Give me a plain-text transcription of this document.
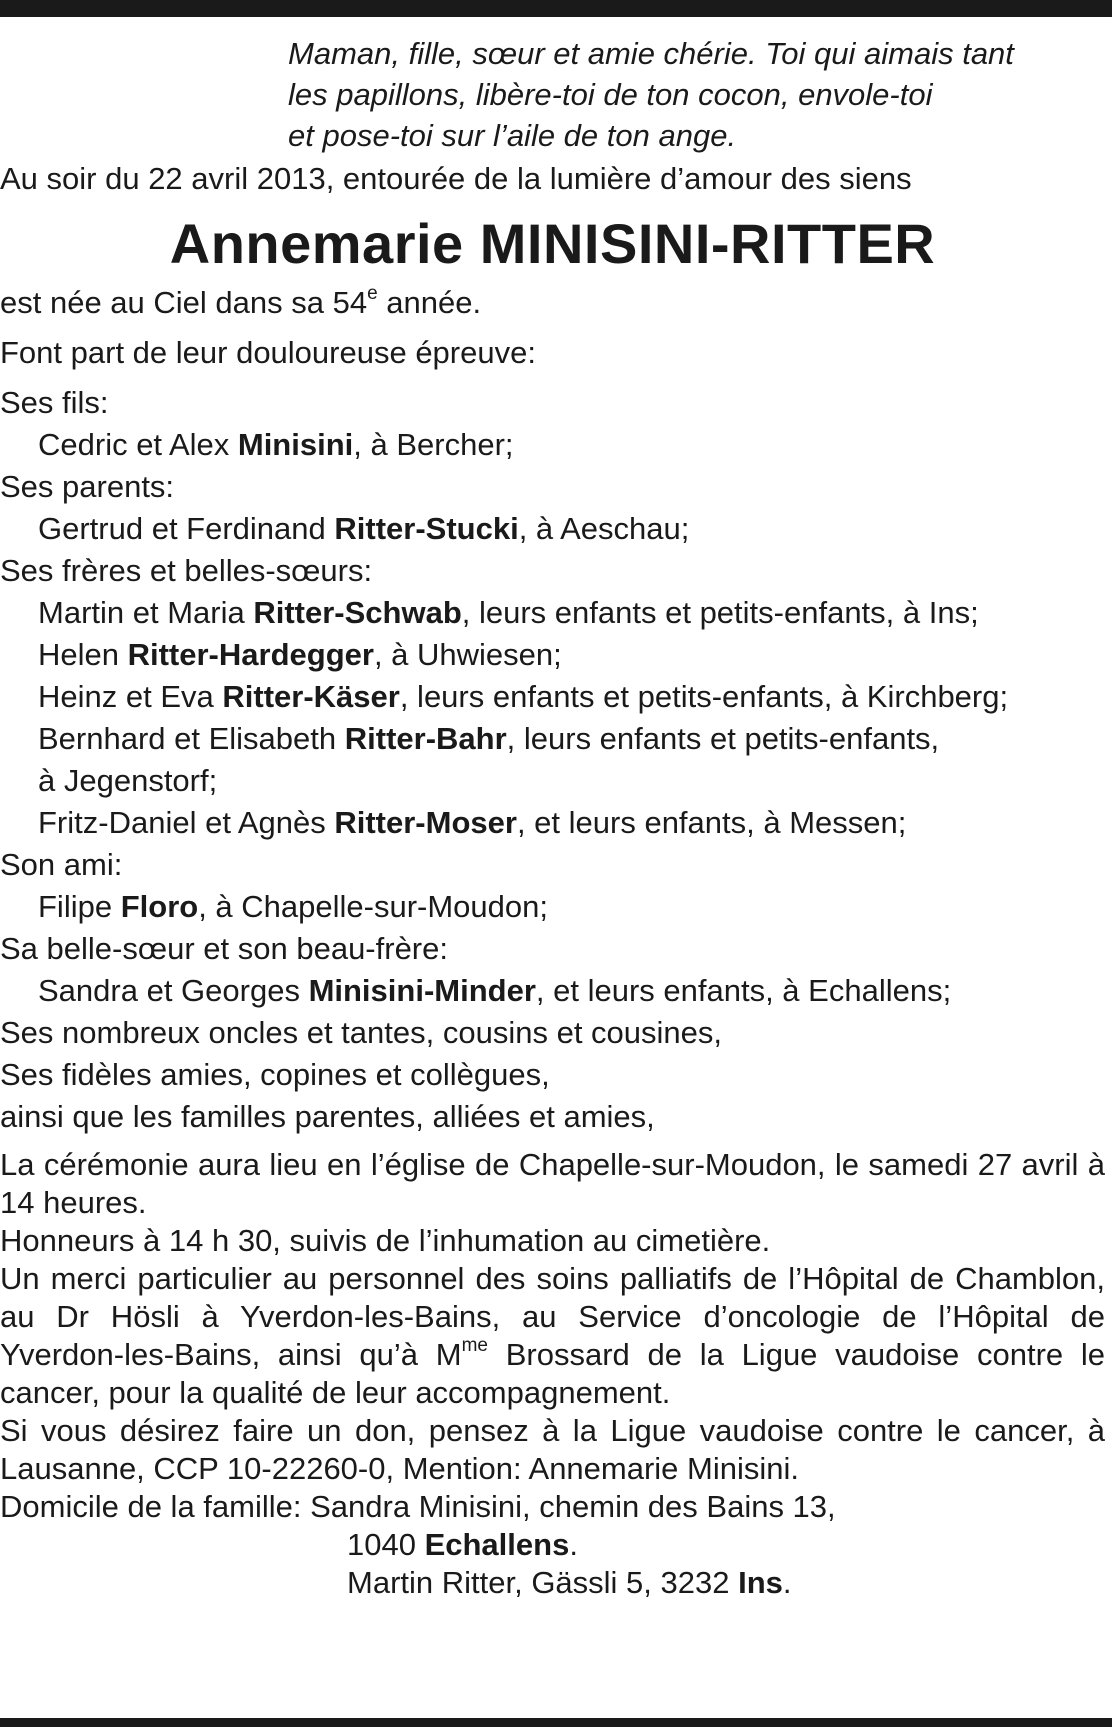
Maman, fille, sœur et amie chérie. Toi qui aimais tant
les papillons, libère-toi de ton cocon, envole-toi
et pose-toi sur l’aile de ton ange.
Au soir du 22 avril 2013, entourée de la lumière d’amour des siens
Annemarie MINISINI-RITTER
est née au Ciel dans sa 54e année.
Font part de leur douloureuse épreuve:
Ses fils:
Cedric et Alex Minisini, à Bercher;
Ses parents:
Gertrud et Ferdinand Ritter-Stucki, à Aeschau;
Ses frères et belles-sœurs:
Martin et Maria Ritter-Schwab, leurs enfants et petits-enfants, à Ins;
Helen Ritter-Hardegger, à Uhwiesen;
Heinz et Eva Ritter-Käser, leurs enfants et petits-enfants, à Kirchberg;
Bernhard et Elisabeth Ritter-Bahr, leurs enfants et petits-enfants,
à Jegenstorf;
Fritz-Daniel et Agnès Ritter-Moser, et leurs enfants, à Messen;
Son ami:
Filipe Floro, à Chapelle-sur-Moudon;
Sa belle-sœur et son beau-frère:
Sandra et Georges Minisini-Minder, et leurs enfants, à Echallens;
Ses nombreux oncles et tantes, cousins et cousines,
Ses fidèles amies, copines et collègues,
ainsi que les familles parentes, alliées et amies,
La cérémonie aura lieu en l’église de Chapelle-sur-Moudon, le samedi 27 avril à 14 heures.
Honneurs à 14 h 30, suivis de l’inhumation au cimetière.
Un merci particulier au personnel des soins palliatifs de l’Hôpital de Chamblon, au Dr Hösli à Yverdon-les-Bains, au Service d’oncologie de l’Hôpital de Yverdon-les-Bains, ainsi qu’à $M^{me}$ Brossard de la Ligue vaudoise contre le cancer, pour la qualité de leur accompagnement.
Si vous désirez faire un don, pensez à la Ligue vaudoise contre le cancer, à Lausanne, CCP 10-22260-0, Mention: Annemarie Minisini.
Domicile de la famille: Sandra Minisini, chemin des Bains 13,
1040 Echallens.
Martin Ritter, Gässli 5, 3232 Ins.
